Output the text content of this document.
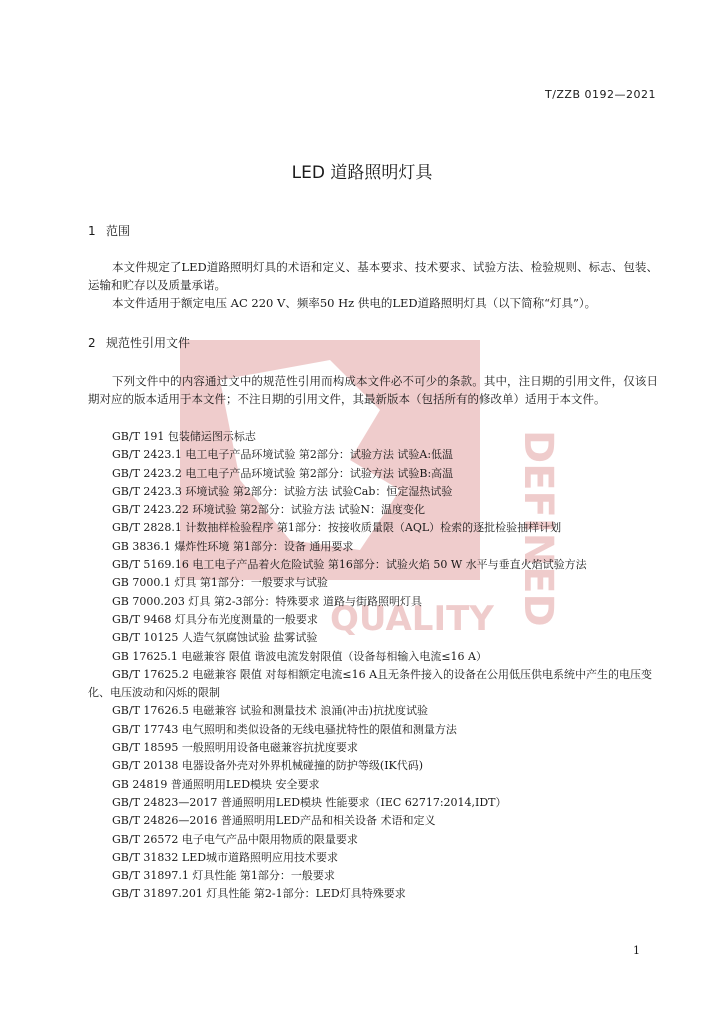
DEFINED
QUALITY
T/ZZB 0192—2021
LED 道路照明灯具
1 范围

本文件规定了LED道路照明灯具的术语和定义、基本要求、技术要求、试验方法、检验规则、标志、包装、运输和贮存以及质量承诺。

本文件适用于额定电压 AC 220 V、频率50 Hz 供电的LED道路照明灯具（以下简称“灯具”）。

2 规范性引用文件

下列文件中的内容通过文中的规范性引用而构成本文件必不可少的条款。其中，注日期的引用文件，仅该日期对应的版本适用于本文件；不注日期的引用文件，其最新版本（包括所有的修改单）适用于本文件。

GB/T 191 包装储运图示标志
GB/T 2423.1 电工电子产品环境试验 第2部分：试验方法 试验A:低温
GB/T 2423.2 电工电子产品环境试验 第2部分：试验方法 试验B:高温
GB/T 2423.3 环境试验 第2部分：试验方法 试验Cab：恒定湿热试验
GB/T 2423.22 环境试验 第2部分：试验方法 试验N：温度变化
GB/T 2828.1 计数抽样检验程序 第1部分：按接收质量限（AQL）检索的逐批检验抽样计划
GB 3836.1 爆炸性环境 第1部分：设备 通用要求
GB/T 5169.16 电工电子产品着火危险试验 第16部分：试验火焰 50 W 水平与垂直火焰试验方法
GB 7000.1 灯具 第1部分：一般要求与试验
GB 7000.203 灯具 第2-3部分：特殊要求 道路与街路照明灯具
GB/T 9468 灯具分布光度测量的一般要求
GB/T 10125 人造气氛腐蚀试验 盐雾试验
GB 17625.1 电磁兼容 限值 谐波电流发射限值（设备每相输入电流≤16 A）
GB/T 17625.2 电磁兼容 限值 对每相额定电流≤16 A且无条件接入的设备在公用低压供电系统中产生的电压变化、电压波动和闪烁的限制
GB/T 17626.5 电磁兼容 试验和测量技术 浪涌(冲击)抗扰度试验
GB/T 17743 电气照明和类似设备的无线电骚扰特性的限值和测量方法
GB/T 18595 一般照明用设备电磁兼容抗扰度要求
GB/T 20138 电器设备外壳对外界机械碰撞的防护等级(IK代码)
GB 24819 普通照明用LED模块 安全要求
GB/T 24823—2017 普通照明用LED模块 性能要求（IEC 62717:2014,IDT）
GB/T 24826—2016 普通照明用LED产品和相关设备 术语和定义
GB/T 26572 电子电气产品中限用物质的限量要求
GB/T 31832 LED城市道路照明应用技术要求
GB/T 31897.1 灯具性能 第1部分：一般要求
GB/T 31897.201 灯具性能 第2-1部分：LED灯具特殊要求
1
